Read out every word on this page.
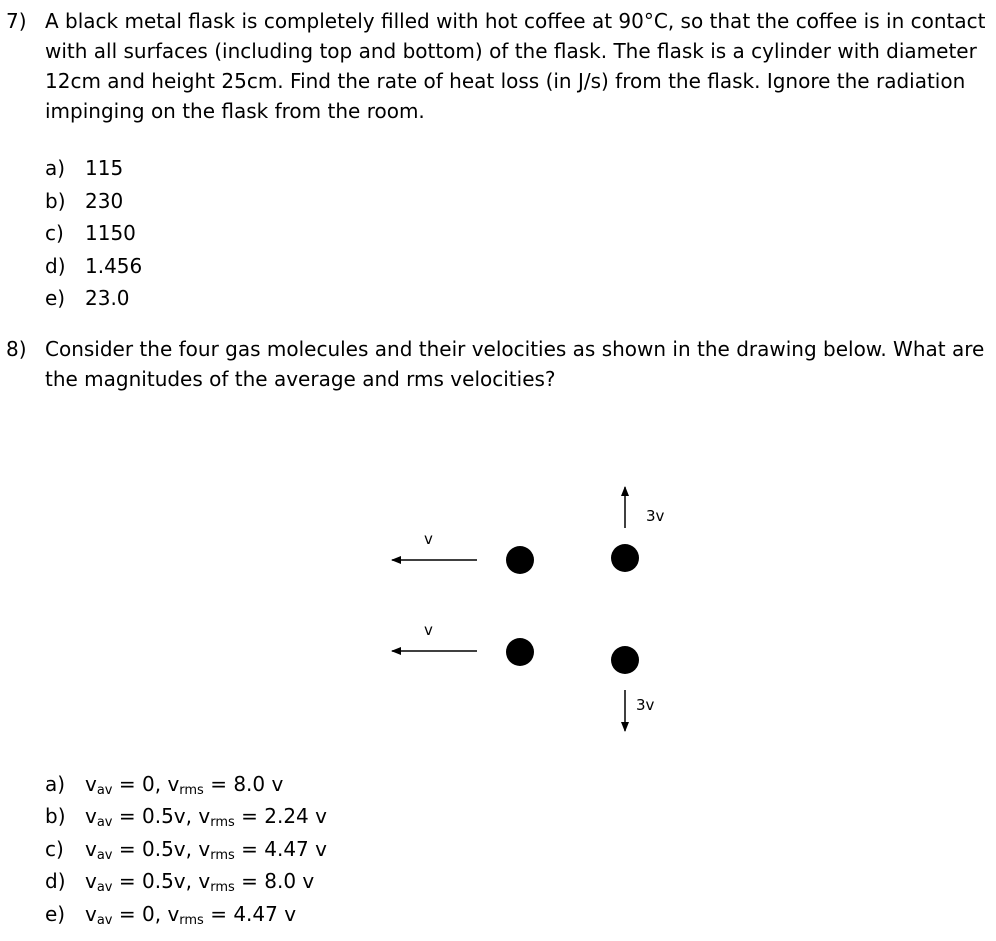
7) A black metal flask is completely filled with hot coffee at 90°C, so that the coffee is in contact with all surfaces (including top and bottom) of the flask. The flask is a cylinder with diameter 12cm and height 25cm. Find the rate of heat loss (in J/s) from the flask. Ignore the radiation impinging on the flask from the room.
a) 115
b) 230
c) 1150
d) 1.456
e) 23.0
8) Consider the four gas molecules and their velocities as shown in the drawing below. What are the magnitudes of the average and rms velocities?
v
3v
v
3v
a) $v_{av} = 0$, $v_{rms} = 8.0$ v
b) $v_{av} = 0.5v$, $v_{rms} = 2.24$ v
c) $v_{av} = 0.5v$, $v_{rms} = 4.47$ v
d) $v_{av} = 0.5v$, $v_{rms} = 8.0$ v
e) $v_{av} = 0$, $v_{rms} = 4.47$ v
